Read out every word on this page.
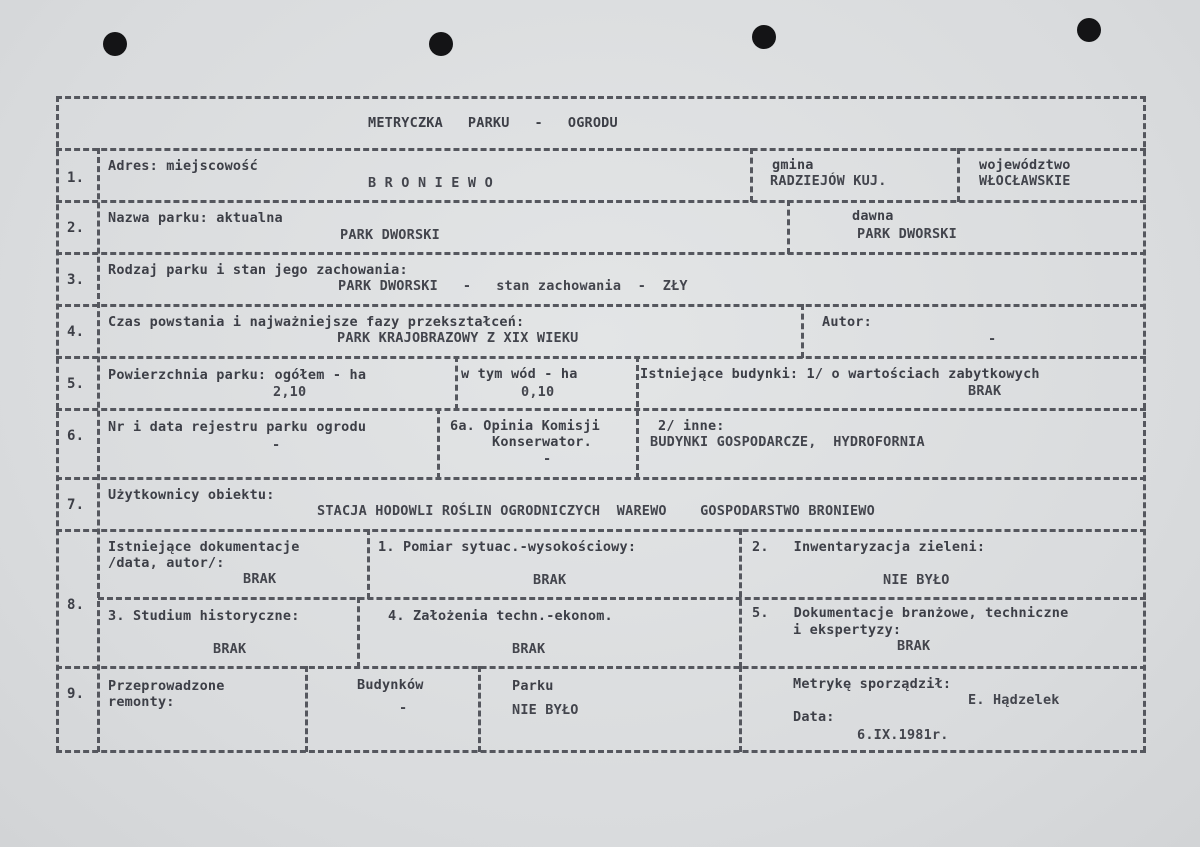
METRYCZKA   PARKU   -   OGRODU
1.
2.
3.
4.
5.
6.
7.
8.
9.
Adres: miejscowość
B R O N I E W O
gmina
RADZIEJÓW KUJ.
województwo
WŁOCŁAWSKIE
Nazwa parku: aktualna
PARK DWORSKI
dawna
PARK DWORSKI
Rodzaj parku i stan jego zachowania:
PARK DWORSKI   -   stan zachowania  -  ZŁY
Czas powstania i najważniejsze fazy przekształceń:
PARK KRAJOBRAZOWY Z XIX WIEKU
Autor:
-
Powierzchnia parku: ogółem - ha
2,10
w tym wód - ha
0,10
Istniejące budynki: 1/ o wartościach zabytkowych
BRAK
Nr i data rejestru parku ogrodu
-
6a. Opinia Komisji
Konserwator.
-
2/ inne:
BUDYNKI GOSPODARCZE,  HYDROFORNIA
Użytkownicy obiektu:
STACJA HODOWLI ROŚLIN OGRODNICZYCH  WAREWO    GOSPODARSTWO BRONIEWO
Istniejące dokumentacje
/data, autor/:
BRAK
1. Pomiar sytuac.-wysokościowy:
BRAK
2.   Inwentaryzacja zieleni:
NIE BYŁO
3. Studium historyczne:
BRAK
4. Założenia techn.-ekonom.
BRAK
5.   Dokumentacje branżowe, techniczne
i ekspertyzy:
BRAK
Przeprowadzone
remonty:
Budynków
-
Parku
NIE BYŁO
Metrykę sporządził:
E. Hądzelek
Data:
6.IX.1981r.
